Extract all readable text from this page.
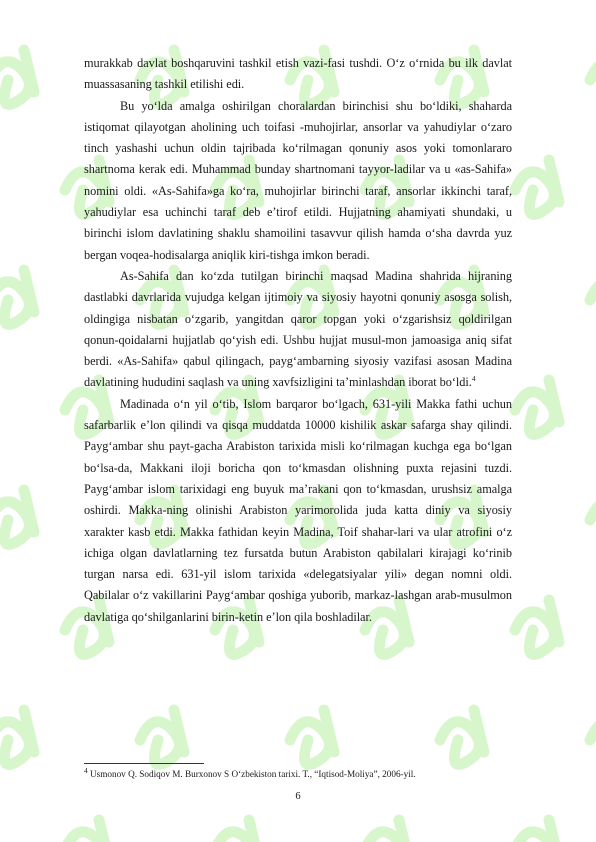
murakkab davlat boshqaruvini tashkil etish vazi-fasi tushdi. O‘z o‘rnida bu ilk davlat muassasaning tashkil etilishi edi.

Bu yo‘lda amalga oshirilgan choralardan birinchisi shu bo‘ldiki, shaharda istiqomat qilayotgan aholining uch toifasi -muhojirlar, ansorlar va yahudiylar o‘zaro tinch yashashi uchun oldin tajribada ko‘rilmagan qonuniy asos yoki tomonlararo shartnoma kerak edi. Muhammad bunday shartnomani tayyor-ladilar va u «as-Sahifa» nomini oldi. «As-Sahifa»ga ko‘ra, muhojirlar birinchi taraf, ansorlar ikkinchi taraf, yahudiylar esa uchinchi taraf deb e’tirof etildi. Hujjatning ahamiyati shundaki, u birinchi islom davlatining shaklu shamoilini tasavvur qilish hamda o‘sha davrda yuz bergan voqea-hodisalarga aniqlik kiri-tishga imkon beradi.

As-Sahifa dan ko‘zda tutilgan birinchi maqsad Madina shahrida hijraning dastlabki davrlarida vujudga kelgan ijtimoiy va siyosiy hayotni qonuniy asosga solish, oldingiga nisbatan o‘zgarib, yangitdan qaror topgan yoki o‘zgarishsiz qoldirilgan qonun-qoidalarni hujjatlab qo‘yish edi. Ushbu hujjat musul-mon jamoasiga aniq sifat berdi. «As-Sahifa» qabul qilingach, payg‘ambarning siyosiy vazifasi asosan Madina davlatining hududini saqlash va uning xavfsizligini ta’minlashdan iborat bo‘ldi.$^4$

Madinada o‘n yil o‘tib, Islom barqaror bo‘lgach, 631-yili Makka fathi uchun safarbarlik e’lon qilindi va qisqa muddatda 10000 kishilik askar safarga shay qilindi. Payg‘ambar shu payt-gacha Arabiston tarixida misli ko‘rilmagan kuchga ega bo‘lgan bo‘lsa-da, Makkani iloji boricha qon to‘kmasdan olishning puxta rejasini tuzdi. Payg‘ambar islom tarixidagi eng buyuk ma’rakani qon to‘kmasdan, urushsiz amalga oshirdi. Makka-ning olinishi Arabiston yarimorolida juda katta diniy va siyosiy xarakter kasb etdi. Makka fathidan keyin Madina, Toif shahar-lari va ular atrofini o‘z ichiga olgan davlatlarning tez fursatda butun Arabiston qabilalari kirajagi ko‘rinib turgan narsa edi. 631-yil islom tarixida «delegatsiyalar yili» degan nomni oldi. Qabilalar o‘z vakillarini Payg‘ambar qoshiga yuborib, markaz-lashgan arab-musulmon davlatiga qo‘shilganlarini birin-ketin e’lon qila boshladilar.

$^4$ Usmonov Q. Sodiqov M. Burxonov S O‘zbekiston tarixi. T., “Iqtisod-Moliya”, 2006-yil.

6
